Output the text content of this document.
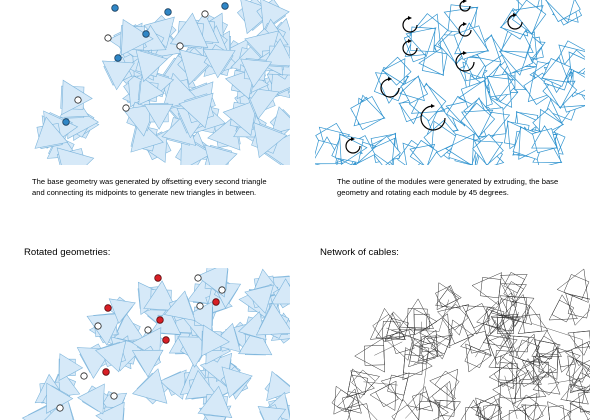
The base geometry was generated by offsetting every second triangle and connecting its midpoints to generate new triangles in between.
The outline of the modules were generated by extruding, the base geometry and rotating each module by 45 degrees.
Rotated geometries:	Network of cables:
